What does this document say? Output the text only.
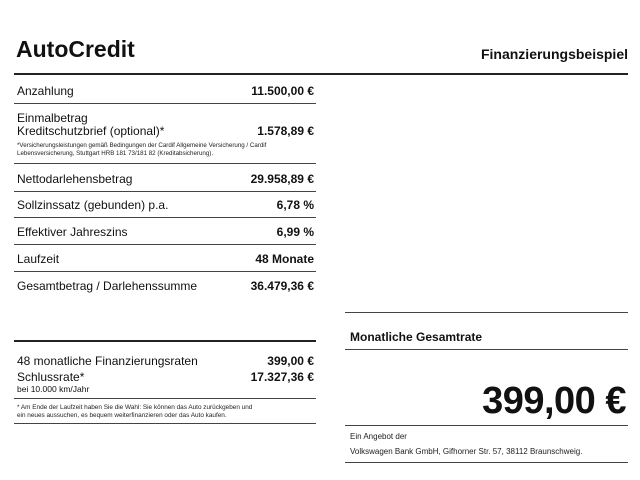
AutoCredit	Finanzierungsbeispiel
Anzahlung	11.500,00 €
Einmalbetrag
Kreditschutzbrief (optional)*	1.578,89 €
*Versicherungsleistungen gemäß Bedingungen der Cardif Allgemeine Versicherung / Cardif
Lebensversicherung, Stuttgart HRB 181 73/181 82 (Kreditabsicherung).
Nettodarlehensbetrag	29.958,89 €
Sollzinssatz (gebunden) p.a.	6,78 %
Effektiver Jahreszins	6,99 %
Laufzeit	48 Monate
Gesamtbetrag / Darlehenssumme	36.479,36 €
48 monatliche Finanzierungsraten	399,00 €
Schlussrate*	17.327,36 €
bei 10.000 km/Jahr
* Am Ende der Laufzeit haben Sie die Wahl: Sie können das Auto zurückgeben und
ein neues aussuchen, es bequem weiterfinanzieren oder das Auto kaufen.
Monatliche Gesamtrate
399,00 €
Ein Angebot der
Volkswagen Bank GmbH, Gifhorner Str. 57, 38112 Braunschweig.
